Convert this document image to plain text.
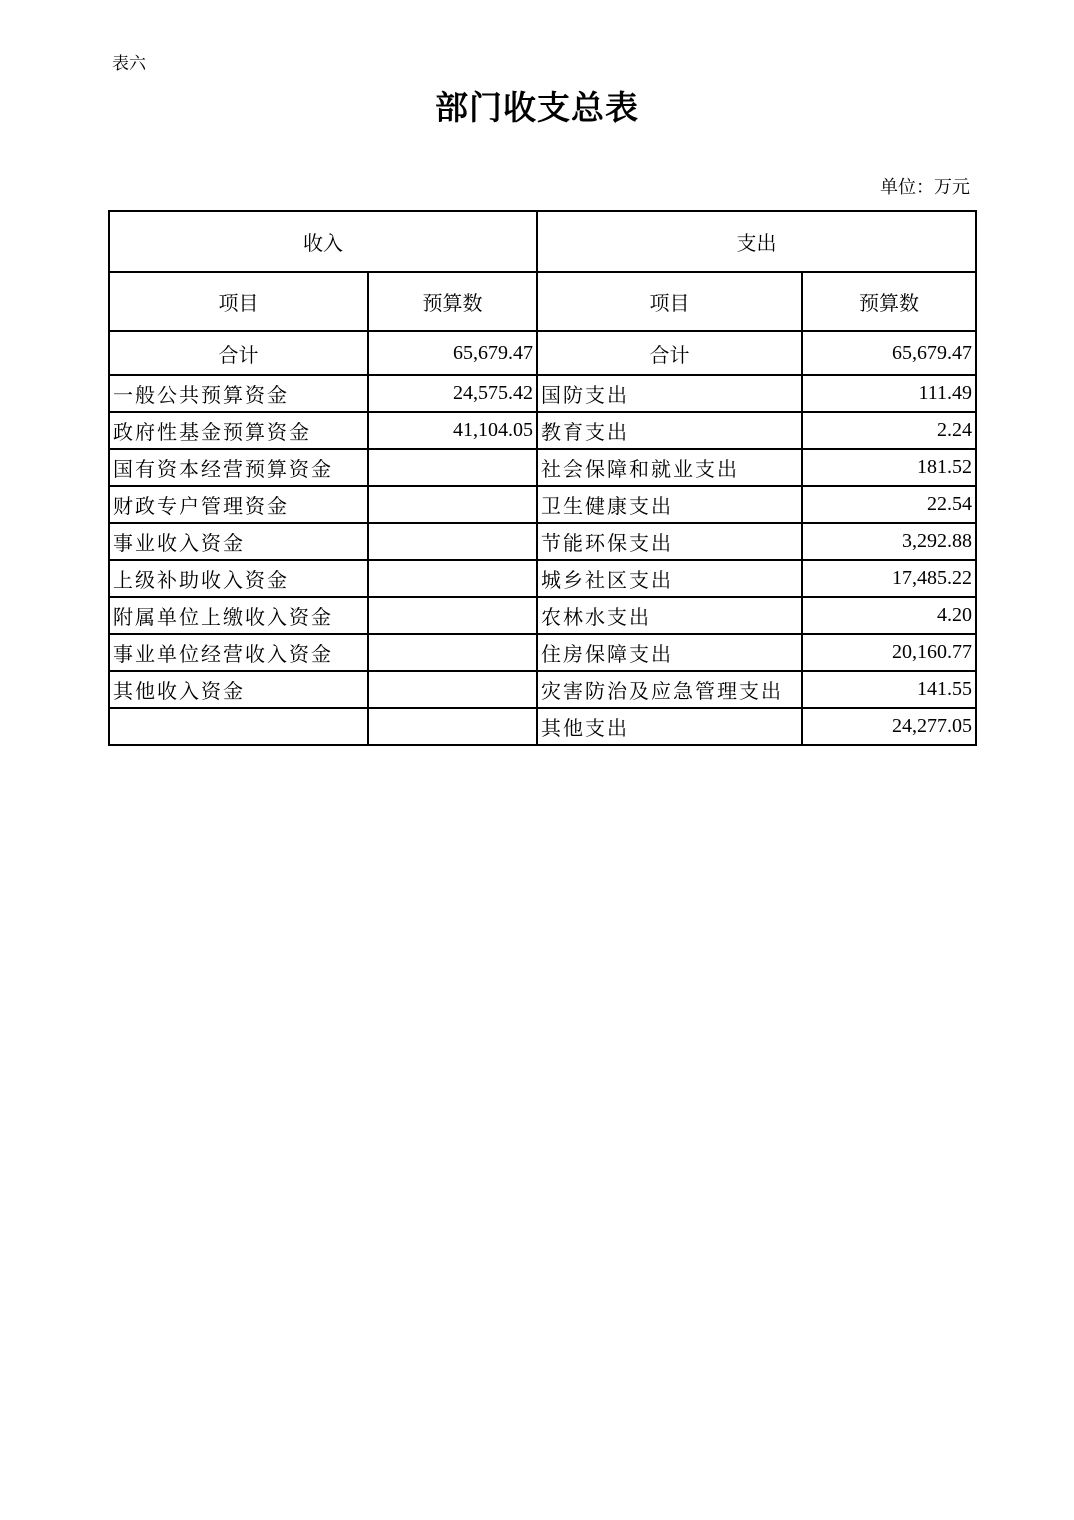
表六
部门收支总表
单位：万元
收入		支出	
项目	预算数	项目	预算数
合计	65,679.47	合计	65,679.47
一般公共预算资金	24,575.42	国防支出	111.49
政府性基金预算资金	41,104.05	教育支出	2.24
国有资本经营预算资金		社会保障和就业支出	181.52
财政专户管理资金		卫生健康支出	22.54
事业收入资金		节能环保支出	3,292.88
上级补助收入资金		城乡社区支出	17,485.22
附属单位上缴收入资金		农林水支出	4.20
事业单位经营收入资金		住房保障支出	20,160.77
其他收入资金		灾害防治及应急管理支出	141.55
		其他支出	24,277.05
